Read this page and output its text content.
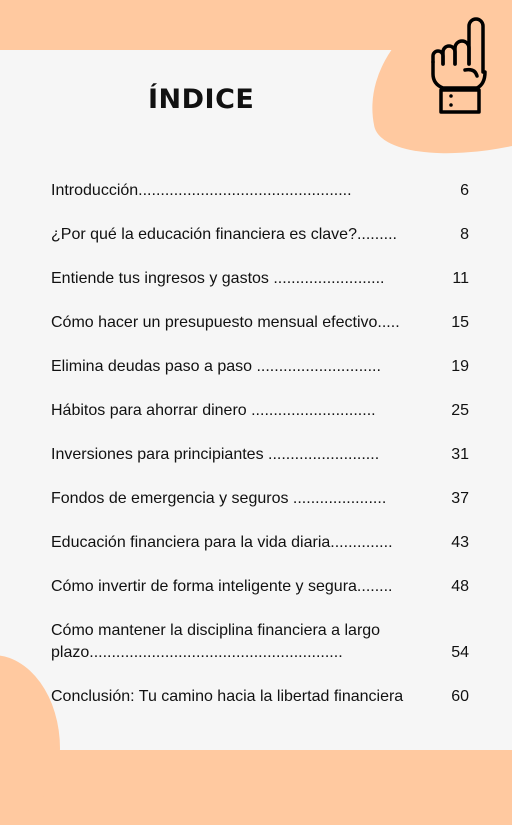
ÍNDICE
Introducción................................................	6
¿Por qué la educación financiera es clave?.........	8
Entiende tus ingresos y gastos .........................	11
Cómo hacer un presupuesto mensual efectivo.....	15
Elimina deudas paso a paso ............................	19
Hábitos para ahorrar dinero ............................	25
Inversiones para principiantes .........................	31
Fondos de emergencia y seguros .....................	37
Educación financiera para la vida diaria..............	43
Cómo invertir de forma inteligente y segura........	48
Cómo mantener la disciplina financiera a largo plazo.........................................................	54
Conclusión: Tu camino hacia la libertad financiera	60
